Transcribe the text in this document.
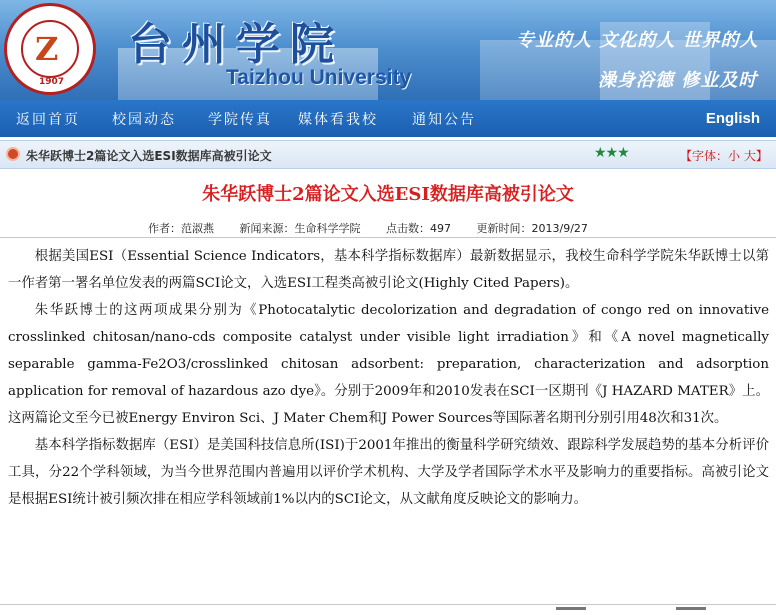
Z
1907
台州学院
Taizhou University
专业的人 文化的人 世界的人
澡身浴德 修业及时
返回首页 校园动态 学院传真 媒体看我校 通知公告	English
朱华跃博士2篇论文入选ESI数据库高被引论文	★★★	【字体：小 大】
朱华跃博士2篇论文入选ESI数据库高被引论文
作者：范淑燕 新闻来源：生命科学学院 点击数：497 更新时间：2013/9/27

根据美国ESI（Essential Science Indicators，基本科学指标数据库）最新数据显示，我校生命科学学院朱华跃博士以第一作者第一署名单位发表的两篇SCI论文，入选ESI工程类高被引论文(Highly Cited Papers)。

朱华跃博士的这两项成果分别为《Photocatalytic decolorization and degradation of congo red on innovative crosslinked chitosan/nano-cds composite catalyst under visible light irradiation》和《A novel magnetically separable gamma-Fe2O3/crosslinked chitosan adsorbent: preparation, characterization and adsorption application for removal of hazardous azo dye》。分别于2009年和2010发表在SCI一区期刊《J HAZARD MATER》上。这两篇论文至今已被Energy Environ Sci、J Mater Chem和J Power Sources等国际著名期刊分别引用48次和31次。

基本科学指标数据库（ESI）是美国科技信息所(ISI)于2001年推出的衡量科学研究绩效、跟踪科学发展趋势的基本分析评价工具，分22个学科领域，为当今世界范围内普遍用以评价学术机构、大学及学者国际学术水平及影响力的重要指标。高被引论文是根据ESI统计被引频次排在相应学科领域前1%以内的SCI论文，从文献角度反映论文的影响力。
